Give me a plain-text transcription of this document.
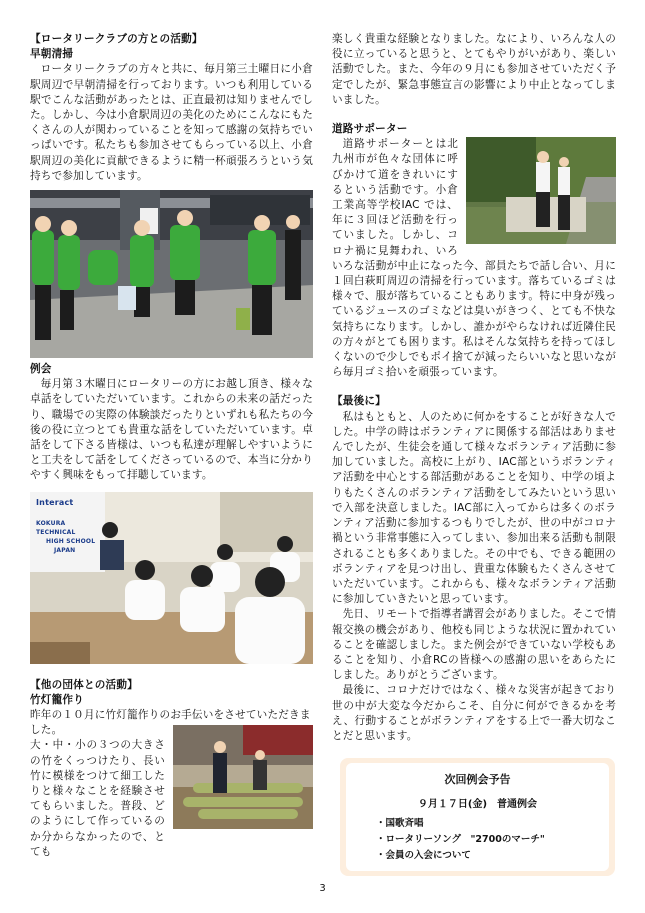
【ロータリークラブの方との活動】
早朝清掃
ロータリークラブの方々と共に、毎月第三土曜日に小倉駅周辺で早朝清掃を行っております。いつも利用している駅でこんな活動があったとは、正直最初は知りませんでした。しかし、今は小倉駅周辺の美化のためにこんなにもたくさんの人が関わっていることを知って感謝の気持ちでいっぱいです。私たちも参加させてもらっている以上、小倉駅周辺の美化に貢献できるように精一杯頑張ろうという気持ちで参加しています。
例会
毎月第３木曜日にロータリーの方にお越し頂き、様々な卓話をしていただいています。これからの未来の話だったり、職場での実際の体験談だったりといずれも私たちの今後の役に立つとても貴重な話をしていただいています。卓話をして下さる皆様は、いつも私達が理解しやすいようにと工夫をして話をしてくださっているので、本当に分かりやすく興味をもって拝聴しています。
Interact
KOKURA TECHNICAL
HIGH SCHOOL
JAPAN
【他の団体との活動】
竹灯籠作り
昨年の１０月に竹灯籠作りのお手伝いをさせていただきました。
大・中・小の３つの大きさの竹をくっつけたり、長い竹に模様をつけて細工したりと様々なことを経験させてもらいました。普段、どのようにして作っているのか分からなかったので、とても
楽しく貴重な経験となりました。なにより、いろんな人の役に立っていると思うと、とてもやりがいがあり、楽しい活動でした。また、今年の９月にも参加させていただく予定でしたが、緊急事態宣言の影響により中止となってしまいました。
道路サポーター
道路サポーターとは北九州市が色々な団体に呼びかけて道をきれいにするという活動です。小倉工業高等学校IAC では、年に３回ほど活動を行っていました。しかし、コロナ禍に見舞われ、いろいろな活動が中止になった今、部員たちで話し合い、月に１回白萩町周辺の清掃を行っています。落ちているゴミは様々で、服が落ちていることもあります。特に中身が残っているジュースのゴミなどは臭いがきつく、とても不快な気持ちになります。しかし、誰かがやらなければ近隣住民の方々がとても困ります。私はそんな気持ちを持ってほしくないので少しでもポイ捨てが減ったらいいなと思いながら毎月ゴミ拾いを頑張っています。
【最後に】
私はもともと、人のために何かをすることが好きな人でした。中学の時はボランティアに関係する部活はありませんでしたが、生徒会を通して様々なボランティア活動に参加していました。高校に上がり、IAC部というボランティア活動を中心とする部活動があることを知り、中学の頃よりもたくさんのボランティア活動をしてみたいという思いで入部を決意しました。IAC部に入ってからは多くのボランティア活動に参加するつもりでしたが、世の中がコロナ禍という非常事態に入ってしまい、参加出来る活動も制限されることも多くありました。その中でも、できる範囲のボランティアを見つけ出し、貴重な体験もたくさんさせていただいています。これからも、様々なボランティア活動に参加していきたいと思っています。
先日、リモートで指導者講習会がありました。そこで情報交換の機会があり、他校も同じような状況に置かれていることを確認しました。また例会ができていない学校もあることを知り、小倉RCの皆様への感謝の思いをあらたにしました。ありがとうございます。
最後に、コロナだけではなく、様々な災害が起きており世の中が大変な今だからこそ、自分に何ができるかを考え、行動することがボランティアをする上で一番大切なことだと思います。
次回例会予告
９月１７日(金)　普通例会
・ 国歌斉唱
・ ロータリーソング　"2700のマーチ"
・ 会員の入会について
3
